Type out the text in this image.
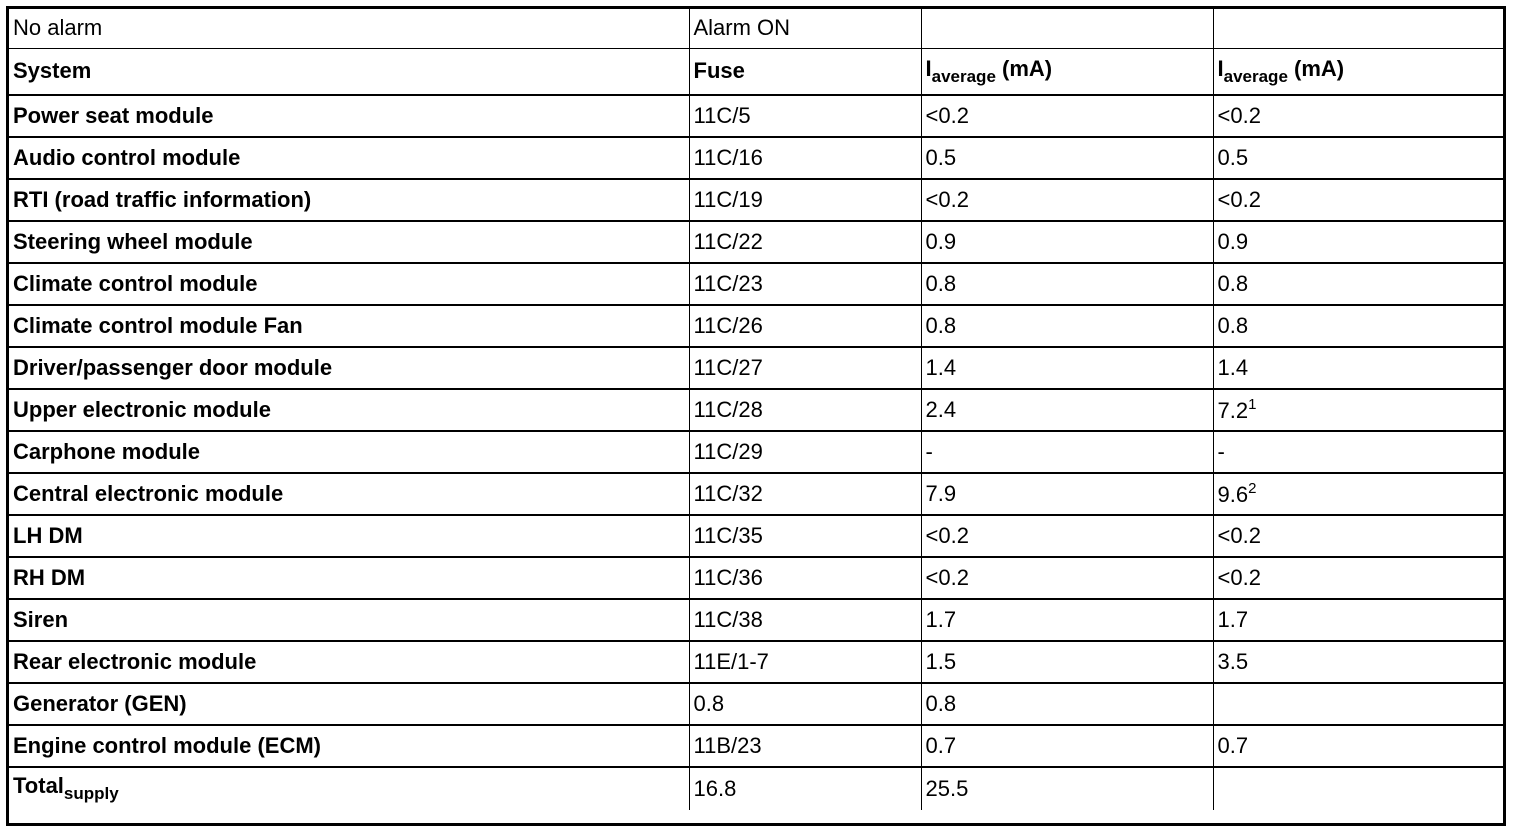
No alarm	Alarm ON		
System	Fuse	$I_{average}$ (mA)	$I_{average}$ (mA)
Power seat module	11C/5	<0.2	<0.2
Audio control module	11C/16	0.5	0.5
RTI (road traffic information)	11C/19	<0.2	<0.2
Steering wheel module	11C/22	0.9	0.9
Climate control module	11C/23	0.8	0.8
Climate control module Fan	11C/26	0.8	0.8
Driver/passenger door module	11C/27	1.4	1.4
Upper electronic module	11C/28	2.4	$7.2^1$
Carphone module	11C/29	-	-
Central electronic module	11C/32	7.9	$9.6^2$
LH DM	11C/35	<0.2	<0.2
RH DM	11C/36	<0.2	<0.2
Siren	11C/38	1.7	1.7
Rear electronic module	11E/1-7	1.5	3.5
Generator (GEN)	0.8	0.8	
Engine control module (ECM)	11B/23	0.7	0.7
Total$_{supply}$	16.8	25.5	
